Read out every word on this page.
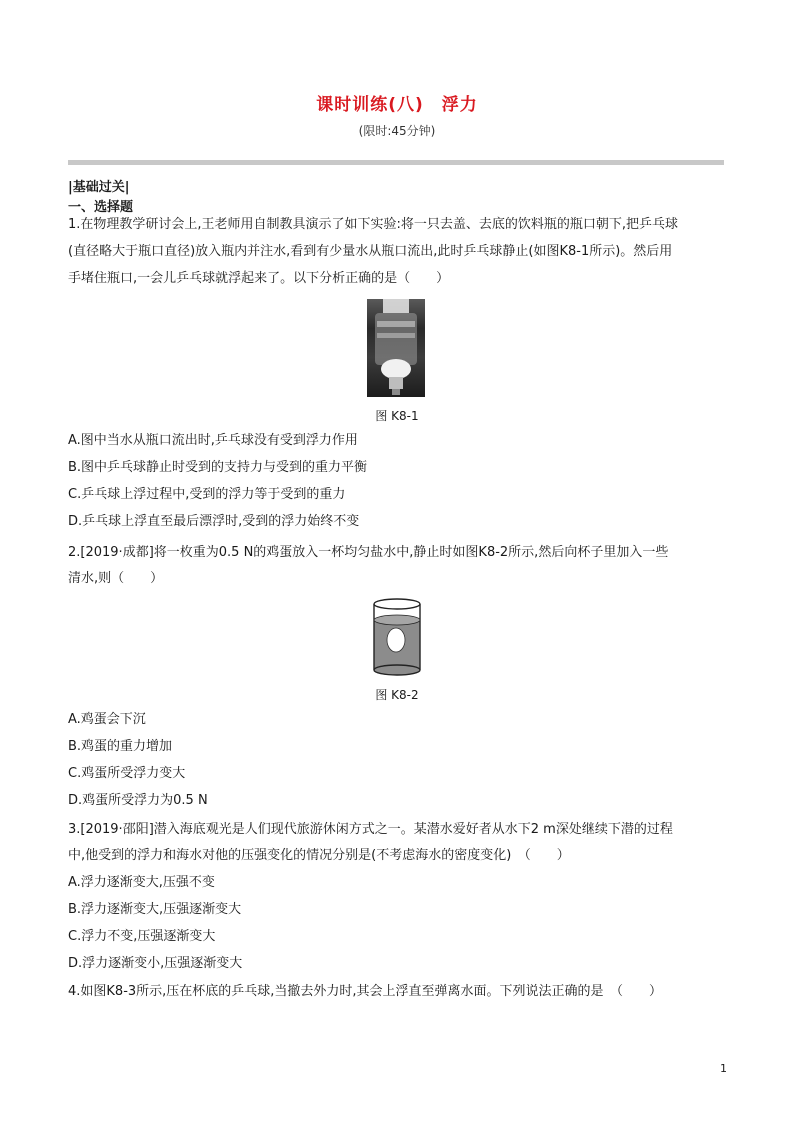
课时训练(八)　浮力
(限时:45分钟)
|基础过关|
一、选择题
1.在物理教学研讨会上,王老师用自制教具演示了如下实验:将一只去盖、去底的饮料瓶的瓶口朝下,把乒乓球
(直径略大于瓶口直径)放入瓶内并注水,看到有少量水从瓶口流出,此时乒乓球静止(如图K8-1所示)。然后用
手堵住瓶口,一会儿乒乓球就浮起来了。以下分析正确的是（　　）
图 K8-1
A.图中当水从瓶口流出时,乒乓球没有受到浮力作用
B.图中乒乓球静止时受到的支持力与受到的重力平衡
C.乒乓球上浮过程中,受到的浮力等于受到的重力
D.乒乓球上浮直至最后漂浮时,受到的浮力始终不变
2.[2019·成都]将一枚重为0.5 N的鸡蛋放入一杯均匀盐水中,静止时如图K8-2所示,然后向杯子里加入一些
清水,则（　　）
图 K8-2
A.鸡蛋会下沉
B.鸡蛋的重力增加
C.鸡蛋所受浮力变大
D.鸡蛋所受浮力为0.5 N
3.[2019·邵阳]潜入海底观光是人们现代旅游休闲方式之一。某潜水爱好者从水下2 m深处继续下潜的过程
中,他受到的浮力和海水对他的压强变化的情况分别是(不考虑海水的密度变化)　（　　）
A.浮力逐渐变大,压强不变
B.浮力逐渐变大,压强逐渐变大
C.浮力不变,压强逐渐变大
D.浮力逐渐变小,压强逐渐变大
4.如图K8-3所示,压在杯底的乒乓球,当撤去外力时,其会上浮直至弹离水面。下列说法正确的是　（　　）
1
